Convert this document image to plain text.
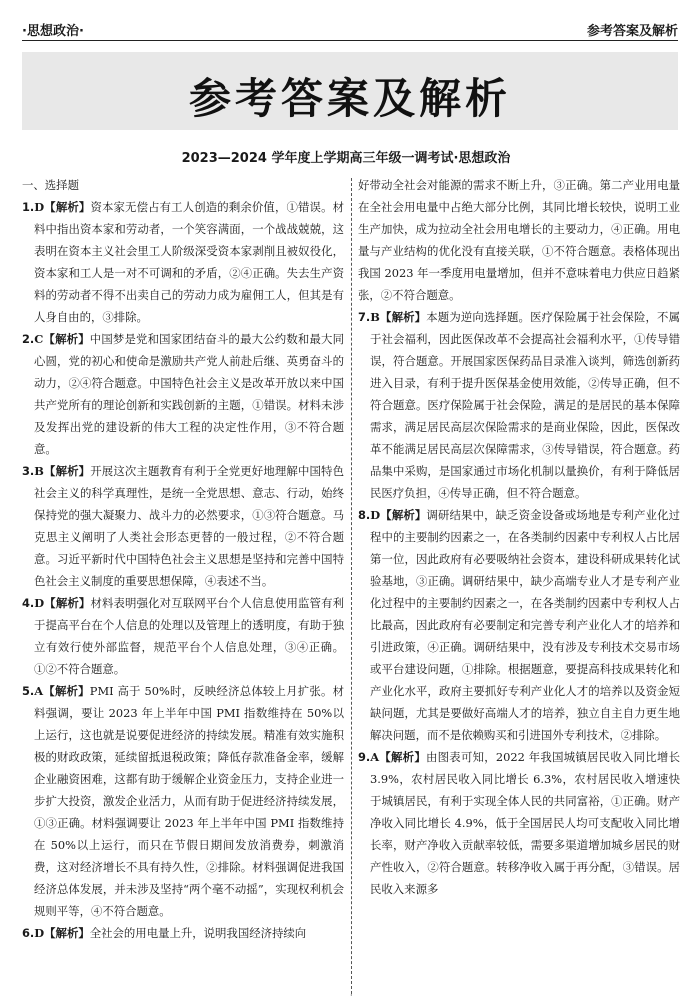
·思想政治·	参考答案及解析
参考答案及解析
2023—2024 学年度上学期高三年级一调考试·思想政治
一、选择题
1.D【解析】资本家无偿占有工人创造的剩余价值，①错误。材料中指出资本家和劳动者，一个笑容满面，一个战战兢兢，这表明在资本主义社会里工人阶级深受资本家剥削且被奴役化，资本家和工人是一对不可调和的矛盾，②④正确。失去生产资料的劳动者不得不出卖自己的劳动力成为雇佣工人，但其是有人身自由的，③排除。
2.C【解析】中国梦是党和国家团结奋斗的最大公约数和最大同心圆，党的初心和使命是激励共产党人前赴后继、英勇奋斗的动力，②④符合题意。中国特色社会主义是改革开放以来中国共产党所有的理论创新和实践创新的主题，①错误。材料未涉及发挥出党的建设新的伟大工程的决定性作用，③不符合题意。
3.B【解析】开展这次主题教育有利于全党更好地理解中国特色社会主义的科学真理性，是统一全党思想、意志、行动，始终保持党的强大凝聚力、战斗力的必然要求，①③符合题意。马克思主义阐明了人类社会形态更替的一般过程，②不符合题意。习近平新时代中国特色社会主义思想是坚持和完善中国特色社会主义制度的重要思想保障，④表述不当。
4.D【解析】材料表明强化对互联网平台个人信息使用监管有利于提高平台在个人信息的处理以及管理上的透明度，有助于独立有效行使外部监督，规范平台个人信息处理，③④正确。①②不符合题意。
5.A【解析】PMI 高于 50%时，反映经济总体较上月扩张。材料强调，要让 2023 年上半年中国 PMI 指数维持在 50%以上运行，这也就是说要促进经济的持续发展。精准有效实施积极的财政政策，延续留抵退税政策；降低存款准备金率，缓解企业融资困难，这都有助于缓解企业资金压力，支持企业进一步扩大投资，激发企业活力，从而有助于促进经济持续发展，①③正确。材料强调要让 2023 年上半年中国 PMI 指数维持在 50%以上运行，而只在节假日期间发放消费券，刺激消费，这对经济增长不具有持久性，②排除。材料强调促进我国经济总体发展，并未涉及坚持“两个毫不动摇”，实现权利机会规则平等，④不符合题意。
6.D【解析】全社会的用电量上升，说明我国经济持续向
好带动全社会对能源的需求不断上升，③正确。第二产业用电量在全社会用电量中占绝大部分比例，其同比增长较快，说明工业生产加快，成为拉动全社会用电增长的主要动力，④正确。用电量与产业结构的优化没有直接关联，①不符合题意。表格体现出我国 2023 年一季度用电量增加，但并不意味着电力供应日趋紧张，②不符合题意。
7.B【解析】本题为逆向选择题。医疗保险属于社会保险，不属于社会福利，因此医保改革不会提高社会福利水平，①传导错误，符合题意。开展国家医保药品目录准入谈判，筛选创新药进入目录，有利于提升医保基金使用效能，②传导正确，但不符合题意。医疗保险属于社会保险，满足的是居民的基本保障需求，满足居民高层次保险需求的是商业保险，因此，医保改革不能满足居民高层次保障需求，③传导错误，符合题意。药品集中采购，是国家通过市场化机制以量换价，有利于降低居民医疗负担，④传导正确，但不符合题意。
8.D【解析】调研结果中，缺乏资金设备或场地是专利产业化过程中的主要制约因素之一，在各类制约因素中专利权人占比居第一位，因此政府有必要吸纳社会资本，建设科研成果转化试验基地，③正确。调研结果中，缺少高端专业人才是专利产业化过程中的主要制约因素之一，在各类制约因素中专利权人占比最高，因此政府有必要制定和完善专利产业化人才的培养和引进政策，④正确。调研结果中，没有涉及专利技术交易市场或平台建设问题，①排除。根据题意，要提高科技成果转化和产业化水平，政府主要抓好专利产业化人才的培养以及资金短缺问题，尤其是要做好高端人才的培养，独立自主自力更生地解决问题，而不是依赖购买和引进国外专利技术，②排除。
9.A【解析】由图表可知，2022 年我国城镇居民收入同比增长 3.9%，农村居民收入同比增长 6.3%，农村居民收入增速快于城镇居民，有利于实现全体人民的共同富裕，①正确。财产净收入同比增长 4.9%，低于全国居民人均可支配收入同比增长率，财产净收入贡献率较低，需要多渠道增加城乡居民的财产性收入，②符合题意。转移净收入属于再分配，③错误。居民收入来源多
·
